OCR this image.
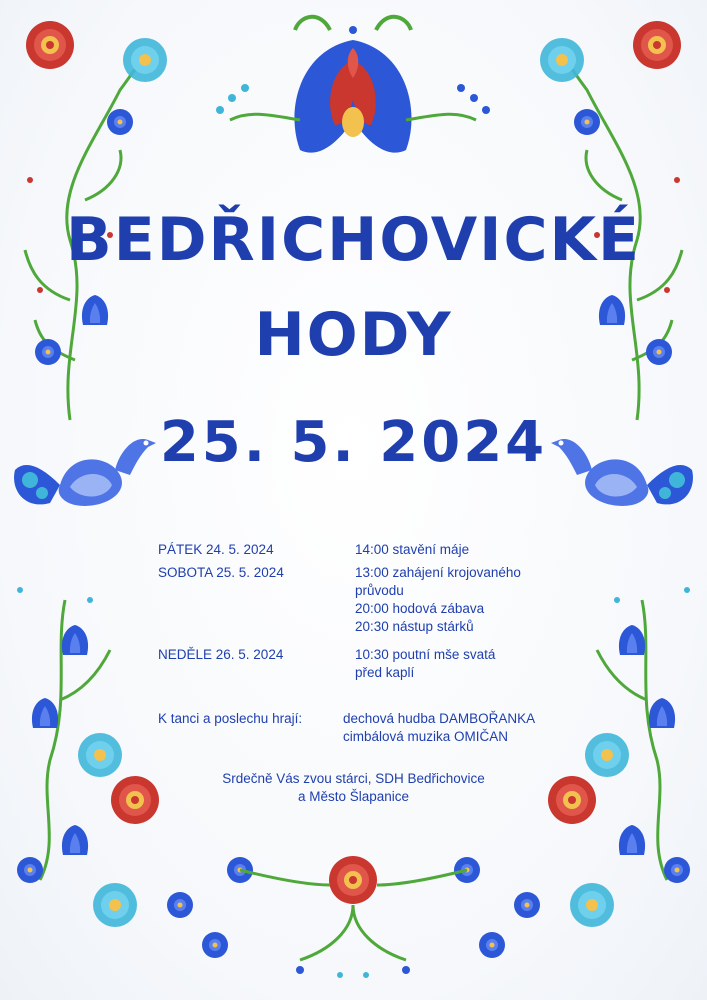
BEDŘICHOVICKÉ
HODY
25. 5. 2024
PÁTEK 24. 5. 2024	14:00 stavění máje
SOBOTA 25. 5. 2024	13:00 zahájení krojovaného
průvodu
20:00 hodová zábava
20:30 nástup stárků
NEDĚLE 26. 5. 2024	10:30 poutní mše svatá
před kaplí
K tanci a poslechu hrají:	dechová hudba DAMBOŘANKA
cimbálová muzika OMIČAN
Srdečně Vás zvou stárci, SDH Bedřichovice
a Město Šlapanice
